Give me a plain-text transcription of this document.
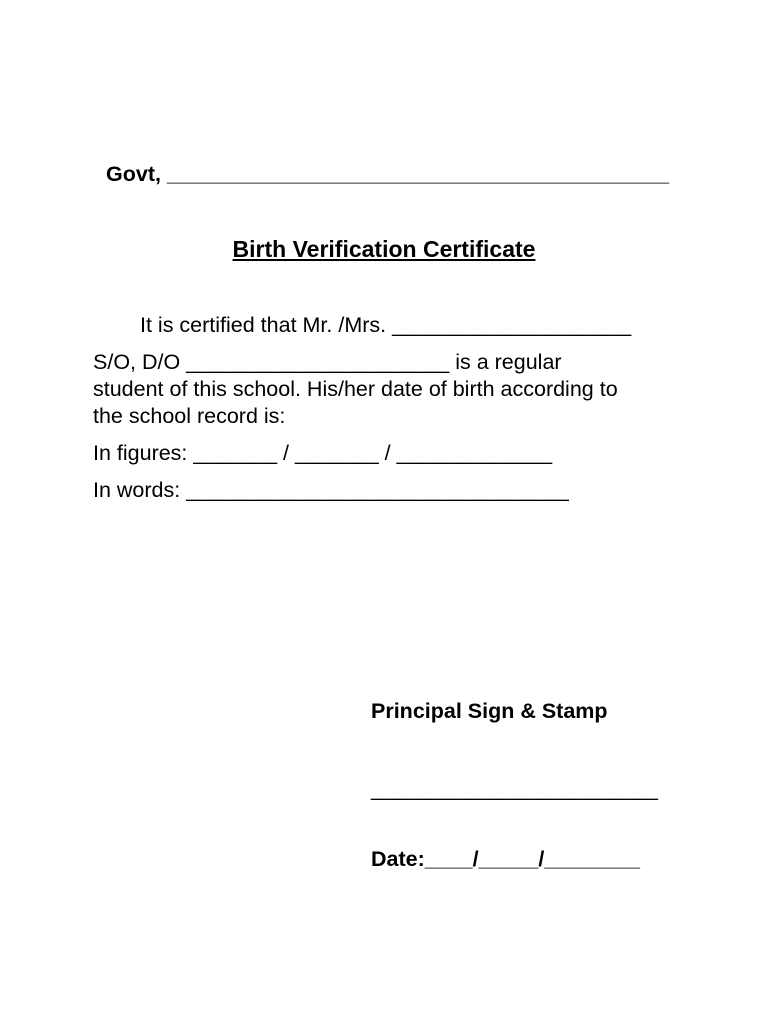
Govt, __________________________________________
Birth Verification Certificate
It is certified that Mr. /Mrs. ____________________
S/O, D/O ______________________ is a regular
student of this school. His/her date of birth according to
the school record is:
In figures: _______ / _______ / _____________
In words: ________________________________
Principal Sign & Stamp
________________________
Date:____/_____/________
